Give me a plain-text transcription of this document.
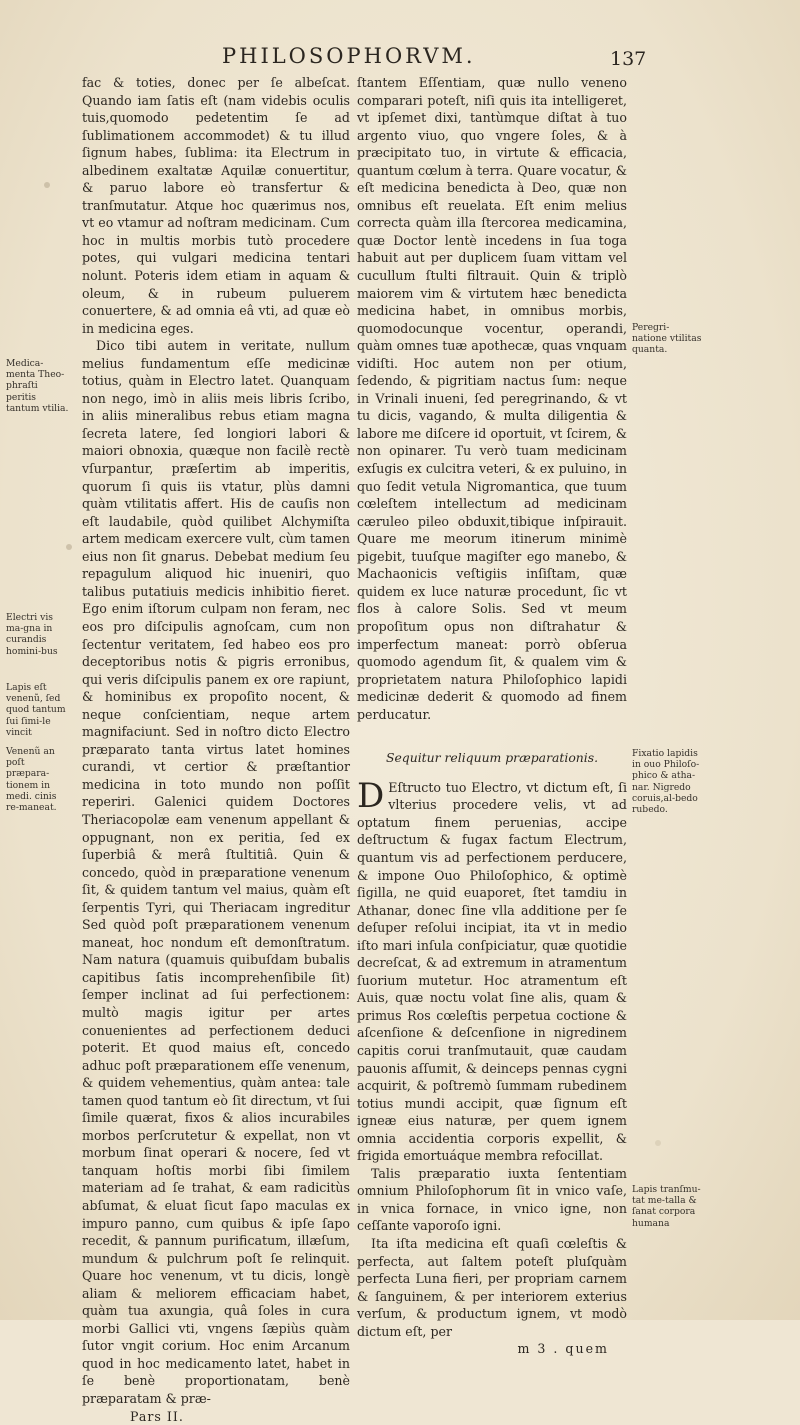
PHILOSOPHORVM.	137

fac & toties, donec per ſe albeſcat. Quando iam ſatis eſt (nam videbis oculis tuis,quomodo pedetentim ſe ad ſublimationem accommodet) & tu illud ſignum habes, ſublima: ita Electrum in albedinem exaltatæ Aquilæ conuertitur, & paruo labore eò transfertur & tranſmutatur. Atque hoc quærimus nos, vt eo vtamur ad noſtram medicinam. Cum hoc in multis morbis tutò procedere potes, qui vulgari medicina tentari nolunt. Poteris idem etiam in aquam & oleum, & in rubeum puluerem conuertere, & ad omnia eâ vti, ad quæ eò in medicina eges.

Dico tibi autem in veritate, nullum melius fundamentum eſſe medicinæ totius, quàm in Electro latet. Quanquam non nego, imò in aliis meis libris ſcribo, in aliis mineralibus rebus etiam magna ſecreta latere, ſed longiori labori & maiori obnoxia, quæque non facilè rectè vſurpantur, præſertim ab imperitis, quorum ſi quis iis vtatur, plùs damni quàm vtilitatis affert. His de cauſis non eſt laudabile, quòd quilibet Alchymiſta artem medicam exercere vult, cùm tamen eius non ſit gnarus. Debebat medium ſeu repagulum aliquod hic inueniri, quo talibus putatiuis medicis inhibitio fieret. Ego enim iſtorum culpam non feram, nec eos pro diſcipulis agnoſcam, cum non ſectentur veritatem, ſed habeo eos pro deceptoribus notis & pigris erronibus, qui veris diſcipulis panem ex ore rapiunt, & hominibus ex propoſito nocent, & neque conſcientiam, neque artem magnifaciunt. Sed in noſtro dicto Electro præparato tanta virtus latet homines curandi, vt certior & præſtantior medicina in toto mundo non poſſit reperiri. Galenici quidem Doctores Theriacopolæ eam venenum appellant & oppugnant, non ex peritia, ſed ex ſuperbiâ & merâ ſtultitiâ. Quin & concedo, quòd in præparatione venenum ſit, & quidem tantum vel maius, quàm eſt ſerpentis Tyri, qui Theriacam ingreditur Sed quòd poſt præparationem venenum maneat, hoc nondum eſt demonſtratum. Nam natura (quamuis quibuſdam bubalis capitibus ſatis incomprehenſibile ſit) ſemper inclinat ad ſui perfectionem: multò magis igitur per artes conuenientes ad perfectionem deduci poterit. Et quod maius eſt, concedo adhuc poſt præparationem eſſe venenum, & quidem vehementius, quàm antea: tale tamen quod tantum eò ſit directum, vt ſui ſimile quærat, fixos & alios incurabiles morbos perſcrutetur & expellat, non vt morbum ſinat operari & nocere, ſed vt tanquam hoſtis morbi ſibi ſimilem materiam ad ſe trahat, & eam radicitùs abſumat, & eluat ſicut ſapo maculas ex impuro panno, cum quibus & ipſe ſapo recedit, & pannum purificatum, illæſum, mundum & pulchrum poſt ſe relinquit. Quare hoc venenum, vt tu dicis, longè aliam & meliorem efficaciam habet, quàm tua axungia, quâ ſoles in cura morbi Gallici vti, vngens ſæpiùs quàm ſutor vngit corium. Hoc enim Arcanum quod in hoc medicamento latet, habet in ſe benè proportionatam, benè præparatam & præ-

Pars II.

ſtantem Eſſentiam, quæ nullo veneno comparari poteſt, niſi quis ita intelligeret, vt ipſemet dixi, tantùmque diſtat à tuo argento viuo, quo vngere ſoles, & à præcipitato tuo, in virtute & efficacia, quantum cœlum à terra. Quare vocatur, & eſt medicina benedicta à Deo, quæ non omnibus eſt reuelata. Eſt enim melius correcta quàm illa ſtercorea medicamina, quæ Doctor lentè incedens in ſua toga habuit aut per duplicem ſuam vittam vel cucullum ſtulti filtrauit. Quin & triplò maiorem vim & virtutem hæc benedicta medicina habet, in omnibus morbis, quomodocunque vocentur, operandi, quàm omnes tuæ apothecæ, quas vnquam vidiſti. Hoc autem non per otium, ſedendo, & pigritiam nactus ſum: neque in Vrinali inueni, ſed peregrinando, & vt tu dicis, vagando, & multa diligentia & labore me diſcere id oportuit, vt ſcirem, & non opinarer. Tu verò tuam medicinam exſugis ex culcitra veteri, & ex puluino, in quo ſedit vetula Nigromantica, que tuum cœleſtem intellectum ad medicinam cæruleo pileo obduxit,tibique inſpirauit. Quare me meorum itinerum minimè pigebit, tuuſque magiſter ego manebo, & Machaonicis veſtigiis inſiſtam, quæ quidem ex luce naturæ procedunt, ſic vt flos à calore Solis. Sed vt meum propoſitum opus non diſtrahatur & imperfectum maneat: porrò obſerua quomodo agendum ſit, & qualem vim & proprietatem natura Philoſophico lapidi medicinæ dederit & quomodo ad finem perducatur.

Sequitur reliquum præparationis.

D Eſtructo tuo Electro, vt dictum eſt, ſi vlterius procedere velis, vt ad optatum finem peruenias, accipe deſtructum & fugax factum Electrum, quantum vis ad perfectionem perducere, & impone Ouo Philoſophico, & optimè ſigilla, ne quid euaporet, ſtet tamdiu in Athanar, donec ſine vlla additione per ſe deſuper reſolui incipiat, ita vt in medio iſto mari inſula conſpiciatur, quæ quotidie decreſcat, & ad extremum in atramentum ſuorium mutetur. Hoc atramentum eſt Auis, quæ noctu volat ſine alis, quam & primus Ros cœleſtis perpetua coctione & aſcenſione & deſcenſione in nigredinem capitis corui tranſmutauit, quæ caudam pauonis aſſumit, & deinceps pennas cygni acquirit, & poſtremò ſummam rubedinem totius mundi accipit, quæ ſignum eſt igneæ eius naturæ, per quem ignem omnia accidentia corporis expellit, & frigida emortuáque membra refocillat.

Talis præparatio iuxta ſententiam omnium Philoſophorum ſit in vnico vaſe, in vnica fornace, in vnico igne, non ceſſante vaporoſo igni.

Ita iſta medicina eſt quaſi cœleſtis & perfecta, aut ſaltem poteſt pluſquàm perfecta Luna fieri, per propriam carnem & ſanguinem, & per interiorem exterius verſum, & productum ignem, vt modò dictum eſt, per

m 3 . quem

Medica-menta Theo-phraſti peritis tantum vtilia.
Electri vis ma-gna in curandis homini-bus
Lapis eſt venenũ, ſed quod tantum ſui ſimi-le vincit
Venenũ an poſt præpara-tionem in medi. cinis re-maneat.
Peregri-natione vtilitas quanta.
Fixatio lapidis in ouo Philoſo-phico & atha-nar. Nigredo coruis,al-bedo rubedo.
Lapis tranſmu-tat me-talla & ſanat corpora humana
